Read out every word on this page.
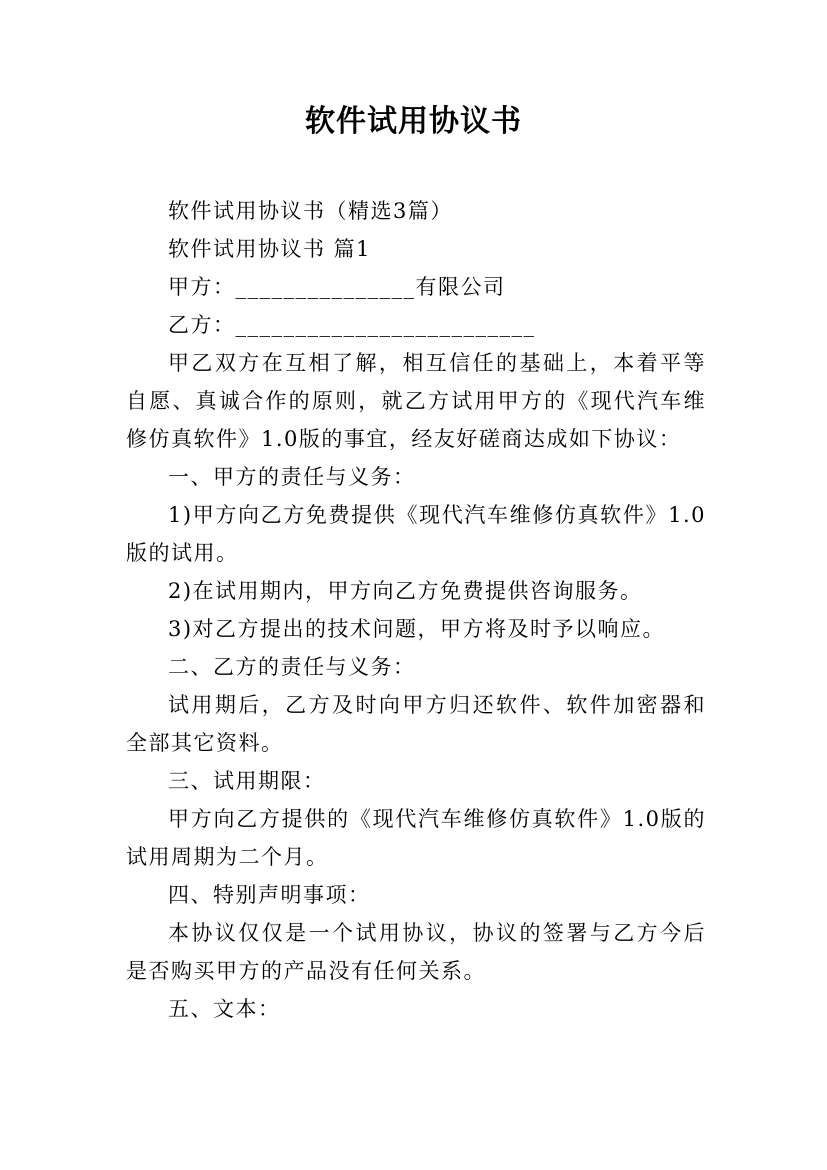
软件试用协议书

软件试用协议书（精选3篇）

软件试用协议书 篇1

甲方：_______________有限公司

乙方：_________________________

甲乙双方在互相了解，相互信任的基础上，本着平等自愿、真诚合作的原则，就乙方试用甲方的《现代汽车维修仿真软件》1.0版的事宜，经友好磋商达成如下协议：

一、甲方的责任与义务：

1)甲方向乙方免费提供《现代汽车维修仿真软件》1.0版的试用。

2)在试用期内，甲方向乙方免费提供咨询服务。

3)对乙方提出的技术问题，甲方将及时予以响应。

二、乙方的责任与义务：

试用期后，乙方及时向甲方归还软件、软件加密器和全部其它资料。

三、试用期限：

甲方向乙方提供的《现代汽车维修仿真软件》1.0版的试用周期为二个月。

四、特别声明事项：

本协议仅仅是一个试用协议，协议的签署与乙方今后是否购买甲方的产品没有任何关系。

五、文本：
